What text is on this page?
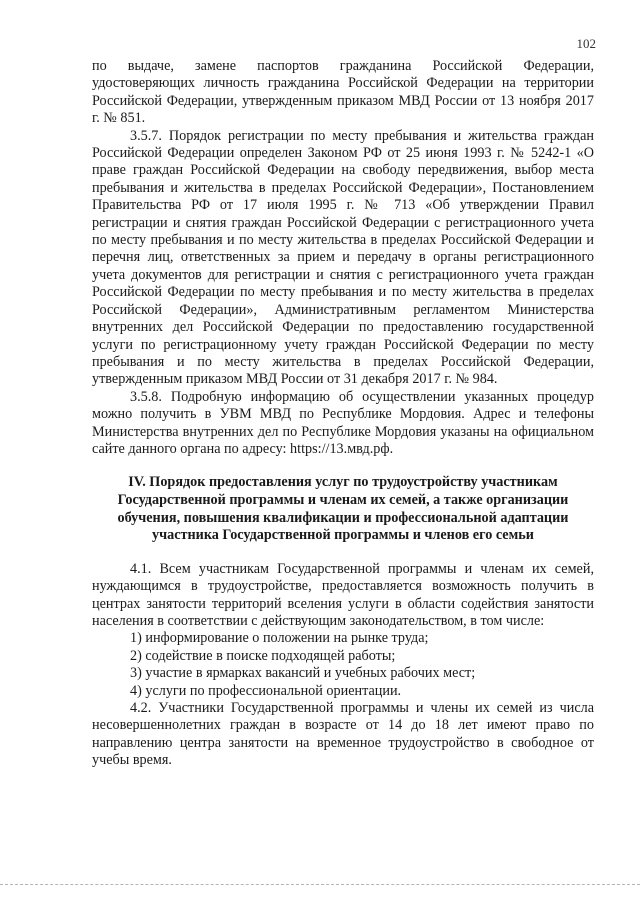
102

по выдаче, замене паспортов гражданина Российской Федерации, удостоверяющих личность гражданина Российской Федерации на территории Российской Федерации, утвержденным приказом МВД России от 13 ноября 2017 г. № 851.

3.5.7. Порядок регистрации по месту пребывания и жительства граждан Российской Федерации определен Законом РФ от 25 июня 1993 г. № 5242-1 «О праве граждан Российской Федерации на свободу передвижения, выбор места пребывания и жительства в пределах Российской Федерации», Постановлением Правительства РФ от 17 июля 1995 г. № 713 «Об утверждении Правил регистрации и снятия граждан Российской Федерации с регистрационного учета по месту пребывания и по месту жительства в пределах Российской Федерации и перечня лиц, ответственных за прием и передачу в органы регистрационного учета документов для регистрации и снятия с регистрационного учета граждан Российской Федерации по месту пребывания и по месту жительства в пределах Российской Федерации», Административным регламентом Министерства внутренних дел Российской Федерации по предоставлению государственной услуги по регистрационному учету граждан Российской Федерации по месту пребывания и по месту жительства в пределах Российской Федерации, утвержденным приказом МВД России от 31 декабря 2017 г. № 984.

3.5.8. Подробную информацию об осуществлении указанных процедур можно получить в УВМ МВД по Республике Мордовия. Адрес и телефоны Министерства внутренних дел по Республике Мордовия указаны на официальном сайте данного органа по адресу: https://13.мвд.рф.

IV. Порядок предоставления услуг по трудоустройству участникам Государственной программы и членам их семей, а также организации обучения, повышения квалификации и профессиональной адаптации участника Государственной программы и членов его семьи

4.1. Всем участникам Государственной программы и членам их семей, нуждающимся в трудоустройстве, предоставляется возможность получить в центрах занятости территорий вселения услуги в области содействия занятости населения в соответствии с действующим законодательством, в том числе:

1) информирование о положении на рынке труда;

2) содействие в поиске подходящей работы;

3) участие в ярмарках вакансий и учебных рабочих мест;

4) услуги по профессиональной ориентации.

4.2. Участники Государственной программы и члены их семей из числа несовершеннолетних граждан в возрасте от 14 до 18 лет имеют право по направлению центра занятости на временное трудоустройство в свободное от учебы время.
